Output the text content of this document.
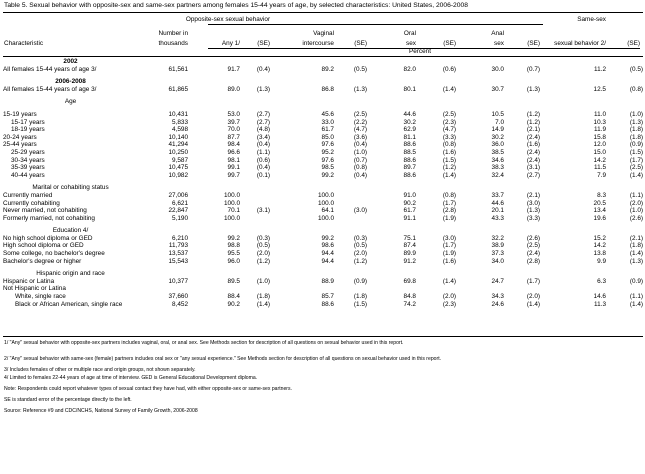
Table 5. Sexual behavior with opposite-sex and same-sex partners among females 15-44 years of age, by selected characteristics: United States, 2006-2008
Opposite-sex sexual behavior	Same-sex
sexual behavior 2/
Number in
thousands
Characteristic	Any 1/	(SE)
Vaginal
intercourse	(SE)
Oral
sex	(SE)
Anal
sex	(SE)	(SE)
Percent
2002											
All females 15-44 years of age 3/	61,561	91.7	(0.4)	89.2	(0.5)	82.0	(0.6)	30.0	(0.7)	11.2	(0.5)

2006-2008											
All females 15-44 years of age 3/	61,865	89.0	(1.3)	86.8	(1.3)	80.1	(1.4)	30.7	(1.3)	12.5	(0.8)

Age											

15-19 years	10,431	53.0	(2.7)	45.6	(2.5)	44.6	(2.5)	10.5	(1.2)	11.0	(1.0)
15-17 years	5,833	39.7	(2.7)	33.0	(2.2)	30.2	(2.3)	7.0	(1.2)	10.3	(1.3)
18-19 years	4,598	70.0	(4.8)	61.7	(4.7)	62.9	(4.7)	14.9	(2.1)	11.9	(1.8)
20-24 years	10,140	87.7	(3.4)	85.0	(3.6)	81.1	(3.3)	30.2	(2.4)	15.8	(1.8)
25-44 years	41,294	98.4	(0.4)	97.6	(0.4)	88.6	(0.8)	36.0	(1.6)	12.0	(0.9)
25-29 years	10,250	96.6	(1.1)	95.2	(1.0)	88.5	(1.6)	38.5	(2.4)	15.0	(1.5)
30-34 years	9,587	98.1	(0.6)	97.6	(0.7)	88.6	(1.5)	34.6	(2.4)	14.2	(1.7)
35-39 years	10,475	99.1	(0.4)	98.5	(0.8)	89.7	(1.2)	38.3	(3.1)	11.5	(2.5)
40-44 years	10,982	99.7	(0.1)	99.2	(0.4)	88.6	(1.4)	32.4	(2.7)	7.9	(1.4)

Marital or cohabiting status											
Currently married	27,006	100.0		100.0		91.0	(0.8)	33.7	(2.1)	8.3	(1.1)
Currently cohabiting	6,621	100.0		100.0		90.2	(1.7)	44.6	(3.0)	20.5	(2.0)
Never married, not cohabiting	22,847	70.1	(3.1)	64.1	(3.0)	61.7	(2.8)	20.1	(1.3)	13.4	(1.0)
Formerly married, not cohabiting	5,190	100.0		100.0		91.1	(1.9)	43.3	(3.3)	19.6	(2.6)

Education 4/											
No high school diploma or GED	6,210	99.2	(0.3)	99.2	(0.3)	75.1	(3.0)	32.2	(2.6)	15.2	(2.1)
High school diploma or GED	11,793	98.8	(0.5)	98.6	(0.5)	87.4	(1.7)	38.9	(2.5)	14.2	(1.8)
Some college, no bachelor's degree	13,537	95.5	(2.0)	94.4	(2.0)	89.9	(1.9)	37.3	(2.4)	13.8	(1.4)
Bachelor's degree or higher	15,543	96.0	(1.2)	94.4	(1.2)	91.2	(1.6)	34.0	(2.8)	9.9	(1.3)

Hispanic origin and race											
Hispanic or Latina	10,377	89.5	(1.0)	88.9	(0.9)	69.8	(1.4)	24.7	(1.7)	6.3	(0.9)
Not Hispanic or Latina											
White, single race	37,660	88.4	(1.8)	85.7	(1.8)	84.8	(2.0)	34.3	(2.0)	14.6	(1.1)
Black or African American, single race	8,452	90.2	(1.4)	88.6	(1.5)	74.2	(2.3)	24.6	(1.4)	11.3	(1.4)
1/ "Any" sexual behavior with opposite-sex partners includes vaginal, oral, or anal sex. See Methods section for description of all questions on sexual behavior used in this report.
2/ "Any" sexual behavior with same-sex (female) partners includes oral sex or "any sexual experience." See Methods section for description of all questions on sexual behavior used in this report.
3/ Includes females of other or multiple race and origin groups, not shown separately.
4/ Limited to females 22-44 years of age at time of interview. GED is General Educational Development diploma.
Note: Respondents could report whatever types of sexual contact they have had, with either opposite-sex or same-sex partners.
SE is standard error of the percentage directly to the left.
Source: Reference #9 and CDC/NCHS, National Survey of Family Growth, 2006-2008
